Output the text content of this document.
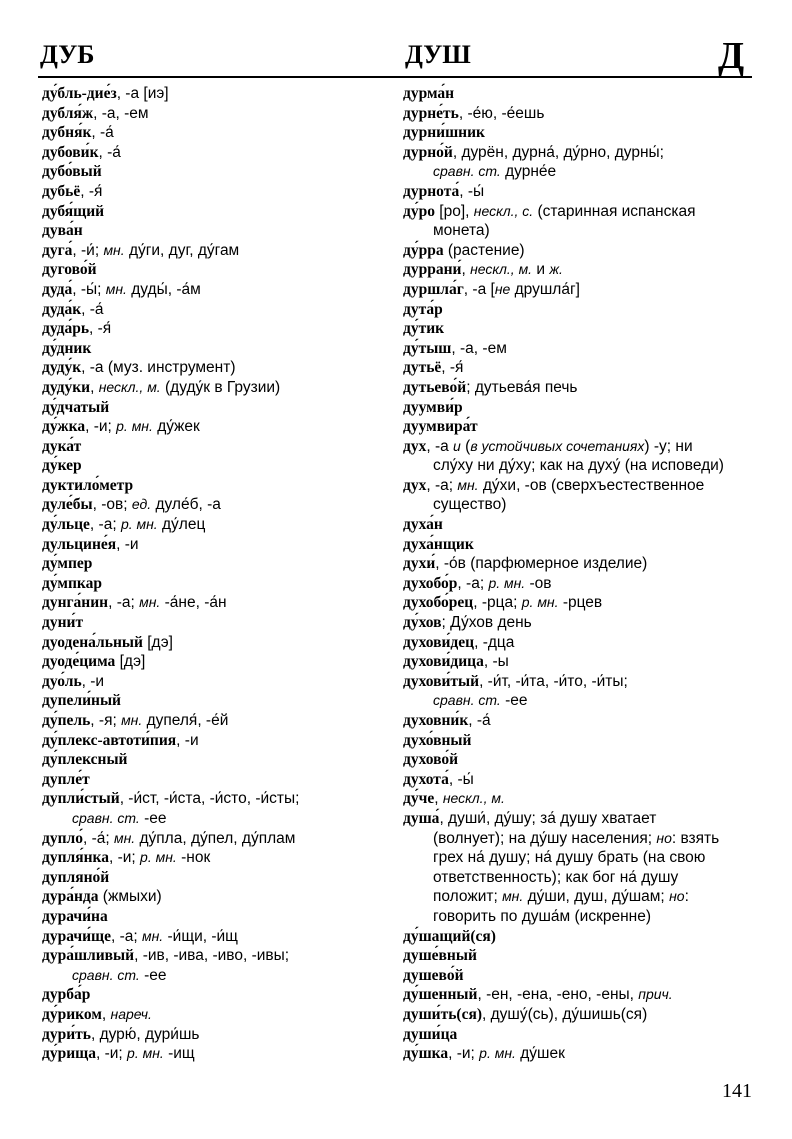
ДУБ	ДУШ	Д
ду́бль-дие́з, -а [иэ]
дубля́ж, -а, -ем
дубня́к, -а́
дубови́к, -а́
дубо́вый
дубьё, -я́
дубя́щий
дува́н
дуга́, -и́; мн. ду́ги, дуг, ду́гам
дугово́й
дуда́, -ы́; мн. дуды́, -а́м
дуда́к, -а́
дуда́рь, -я́
ду́дник
дуду́к, -а (муз. инструмент)
дуду́ки, нескл., м. (дуду́к в Грузии)
ду́дчатый
ду́жка, -и; р. мн. ду́жек
дука́т
ду́кер
дуктило́метр
дуле́бы, -ов; ед. дуле́б, -а
ду́льце, -а; р. мн. ду́лец
дульцине́я, -и
ду́мпер
ду́мпкар
дунга́нин, -а; мн. -а́не, -а́н
дуни́т
дуодена́льный [дэ]
дуоде́цима [дэ]
дуо́ль, -и
дупели́ный
ду́пель, -я; мн. дупеля́, -е́й
ду́плекс-автоти́пия, -и
ду́плексный
дупле́т
дупли́стый, -и́ст, -и́ста, -и́сто, -и́сты;
сравн. ст. -ее
дупло́, -а́; мн. ду́пла, ду́пел, ду́плам
дупля́нка, -и; р. мн. -нок
дупляно́й
дура́нда (жмыхи)
дурачи́на
дурачи́ще, -а; мн. -и́щи, -и́щ
дура́шливый, -ив, -ива, -иво, -ивы;
сравн. ст. -ее
дурба́р
ду́риком, нареч.
дури́ть, дурю́, дури́шь
ду́рища, -и; р. мн. -ищ
дурма́н
дурне́ть, -е́ю, -е́ешь
дурни́шник
дурно́й, дурён, дурна́, ду́рно, дурны́;
сравн. ст. дурне́е
дурнота́, -ы́
ду́ро [ро], нескл., с. (старинная испанская
монета)
ду́рра (растение)
дуррани́, нескл., м. и ж.
дуршла́г, -а [не друшла́г]
дута́р
ду́тик
ду́тыш, -а, -ем
дутьё, -я́
дутьево́й; дутьева́я печь
дуумви́р
дуумвира́т
дух, -а и (в устойчивых сочетаниях) -у; ни
слу́ху ни ду́ху; как на духу́ (на исповеди)
дух, -а; мн. ду́хи, -ов (сверхъестественное
существо)
духа́н
духа́нщик
духи́, -о́в (парфюмерное изделие)
духобо́р, -а; р. мн. -ов
духобо́рец, -рца; р. мн. -рцев
ду́хов; Ду́хов день
духови́дец, -дца
духови́дица, -ы
духови́тый, -и́т, -и́та, -и́то, -и́ты;
сравн. ст. -ее
духовни́к, -а́
духо́вный
духово́й
духота́, -ы́
ду́че, нескл., м.
душа́, души́, ду́шу; за́ душу хватает
(волнует); на ду́шу населения; но: взять
грех на́ душу; на́ душу брать (на свою
ответственность); как бог на́ душу
положит; мн. ду́ши, душ, ду́шам; но:
говорить по душа́м (искренне)
ду́шащий(ся)
душе́вный
душево́й
ду́шенный, -ен, -ена, -ено, -ены, прич.
души́ть(ся), душу́(сь), ду́шишь(ся)
души́ца
ду́шка, -и; р. мн. ду́шек
141
